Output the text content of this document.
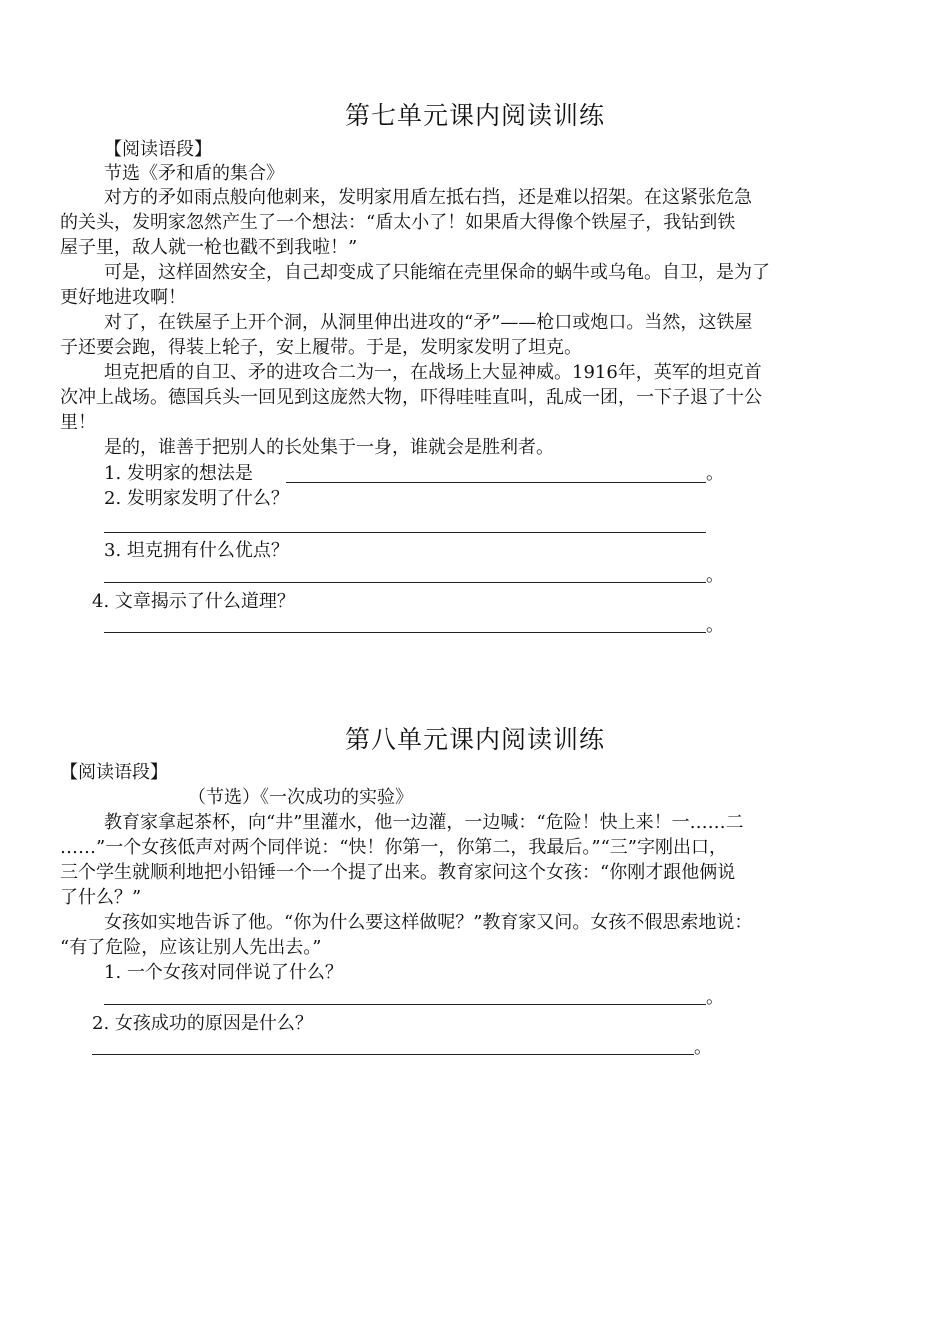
第七单元课内阅读训练
【阅读语段】
节选《矛和盾的集合》
对方的矛如雨点般向他刺来，发明家用盾左抵右挡，还是难以招架。在这紧张危急
的关头，发明家忽然产生了一个想法：“盾太小了！如果盾大得像个铁屋子，我钻到铁
屋子里，敌人就一枪也戳不到我啦！”
可是，这样固然安全，自己却变成了只能缩在壳里保命的蜗牛或乌龟。自卫，是为了
更好地进攻啊！
对了，在铁屋子上开个洞，从洞里伸出进攻的“矛”——枪口或炮口。当然，这铁屋
子还要会跑，得装上轮子，安上履带。于是，发明家发明了坦克。
坦克把盾的自卫、矛的进攻合二为一，在战场上大显神威。1916年，英军的坦克首
次冲上战场。德国兵头一回见到这庞然大物，吓得哇哇直叫，乱成一团，一下子退了十公
里！
是的，谁善于把别人的长处集于一身，谁就会是胜利者。
1. 发明家的想法是	。
2. 发明家发明了什么？
3. 坦克拥有什么优点？
。
4. 文章揭示了什么道理？
。
第八单元课内阅读训练
【阅读语段】
（节选）《一次成功的实验》
教育家拿起茶杯，向“井”里灌水，他一边灌，一边喊：“危险！快上来！一……二
……”一个女孩低声对两个同伴说：“快！你第一，你第二，我最后。”“三”字刚出口，
三个学生就顺利地把小铅锤一个一个提了出来。教育家问这个女孩：“你刚才跟他俩说
了什么？”
女孩如实地告诉了他。“你为什么要这样做呢？”教育家又问。女孩不假思索地说：
“有了危险，应该让别人先出去。”
1. 一个女孩对同伴说了什么？
。
2. 女孩成功的原因是什么？
。
